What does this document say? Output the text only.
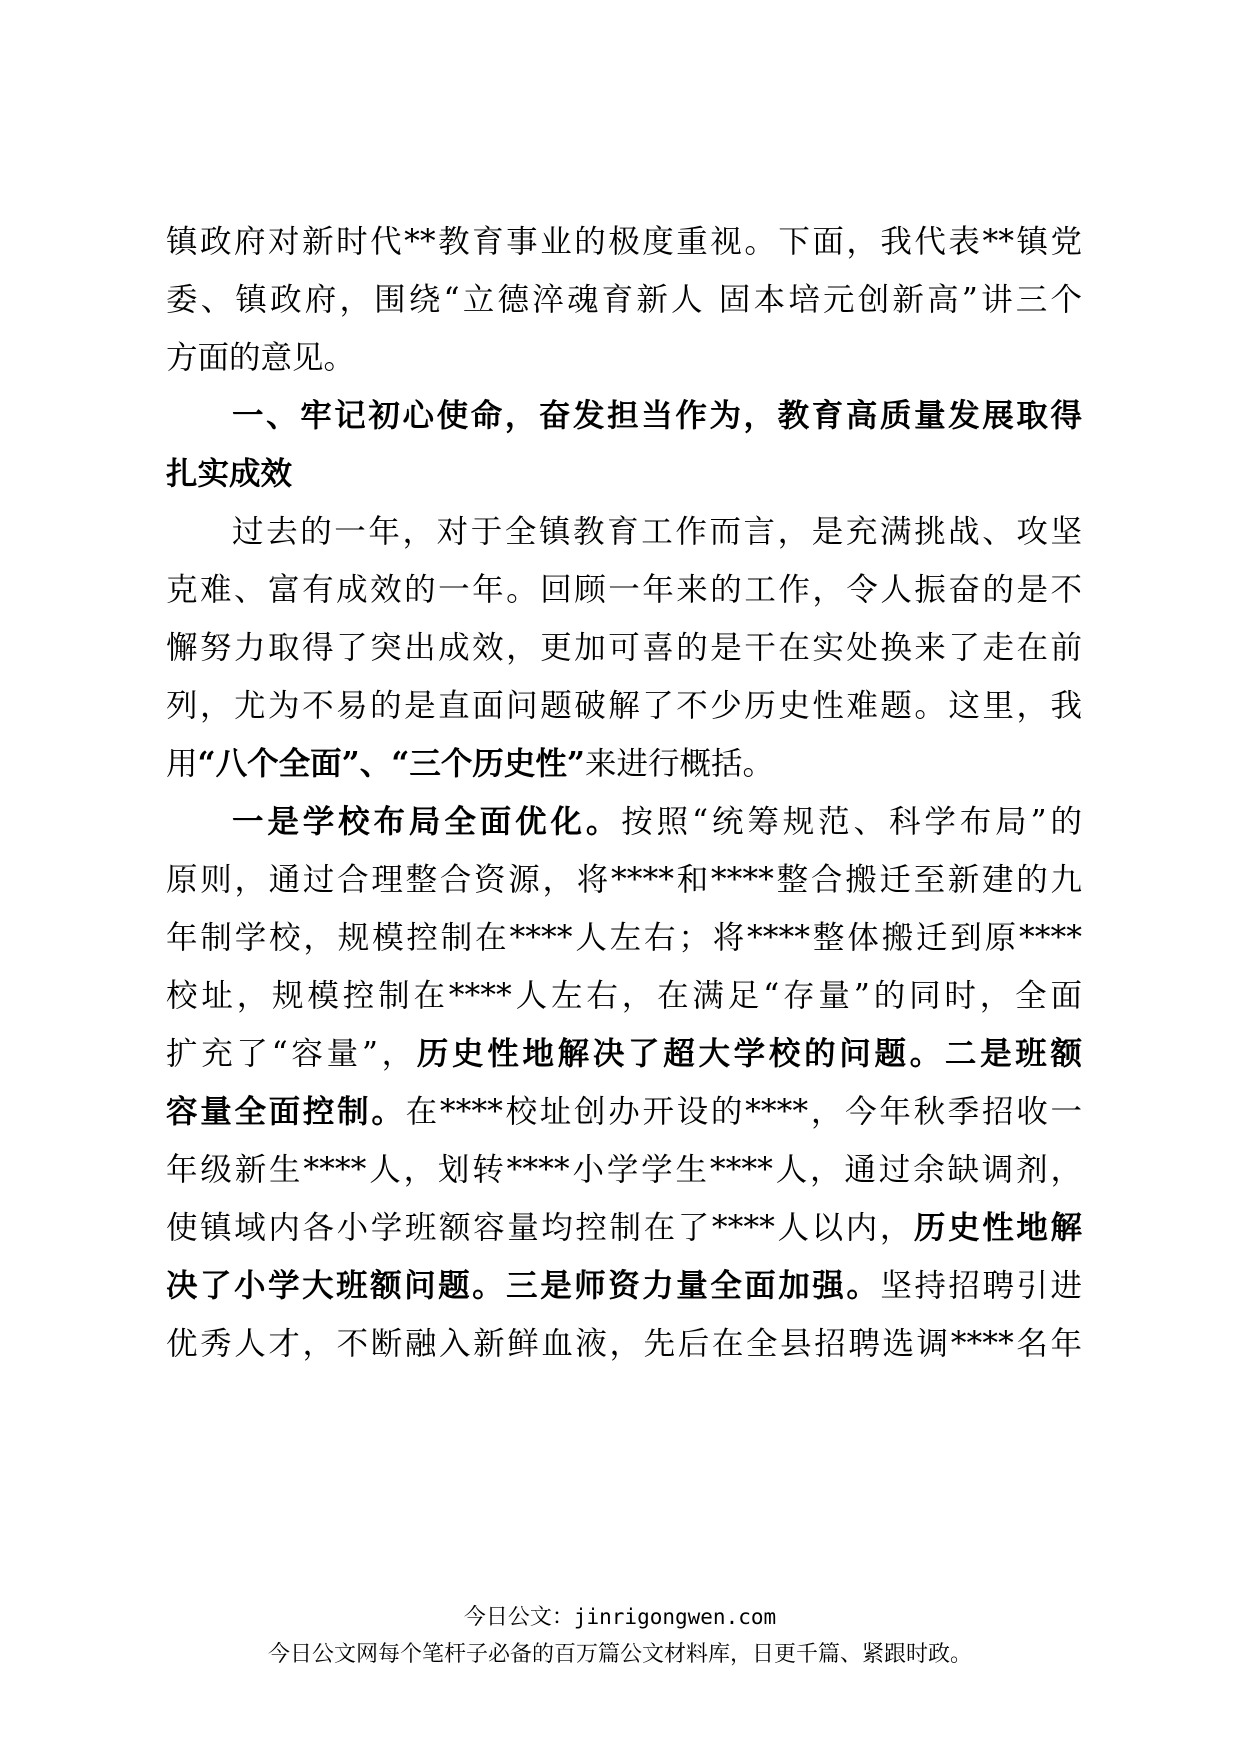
镇政府对新时代**教育事业的极度重视。下面，我代表**镇党
委、镇政府，围绕“立德淬魂育新人 固本培元创新高”讲三个
方面的意见。
一、牢记初心使命，奋发担当作为，教育高质量发展取得
扎实成效
过去的一年，对于全镇教育工作而言，是充满挑战、攻坚
克难、富有成效的一年。回顾一年来的工作，令人振奋的是不
懈努力取得了突出成效，更加可喜的是干在实处换来了走在前
列，尤为不易的是直面问题破解了不少历史性难题。这里，我
用“八个全面”、“三个历史性”来进行概括。
一是学校布局全面优化。按照“统筹规范、科学布局”的
原则，通过合理整合资源，将****和****整合搬迁至新建的九
年制学校，规模控制在****人左右；将****整体搬迁到原****
校址，规模控制在****人左右，在满足“存量”的同时，全面
扩充了“容量”，历史性地解决了超大学校的问题。二是班额
容量全面控制。在****校址创办开设的****，今年秋季招收一
年级新生****人，划转****小学学生****人，通过余缺调剂，
使镇域内各小学班额容量均控制在了****人以内，历史性地解
决了小学大班额问题。三是师资力量全面加强。坚持招聘引进
优秀人才，不断融入新鲜血液，先后在全县招聘选调****名年
今日公文：jinrigongwen.com
今日公文网每个笔杆子必备的百万篇公文材料库，日更千篇、紧跟时政。
